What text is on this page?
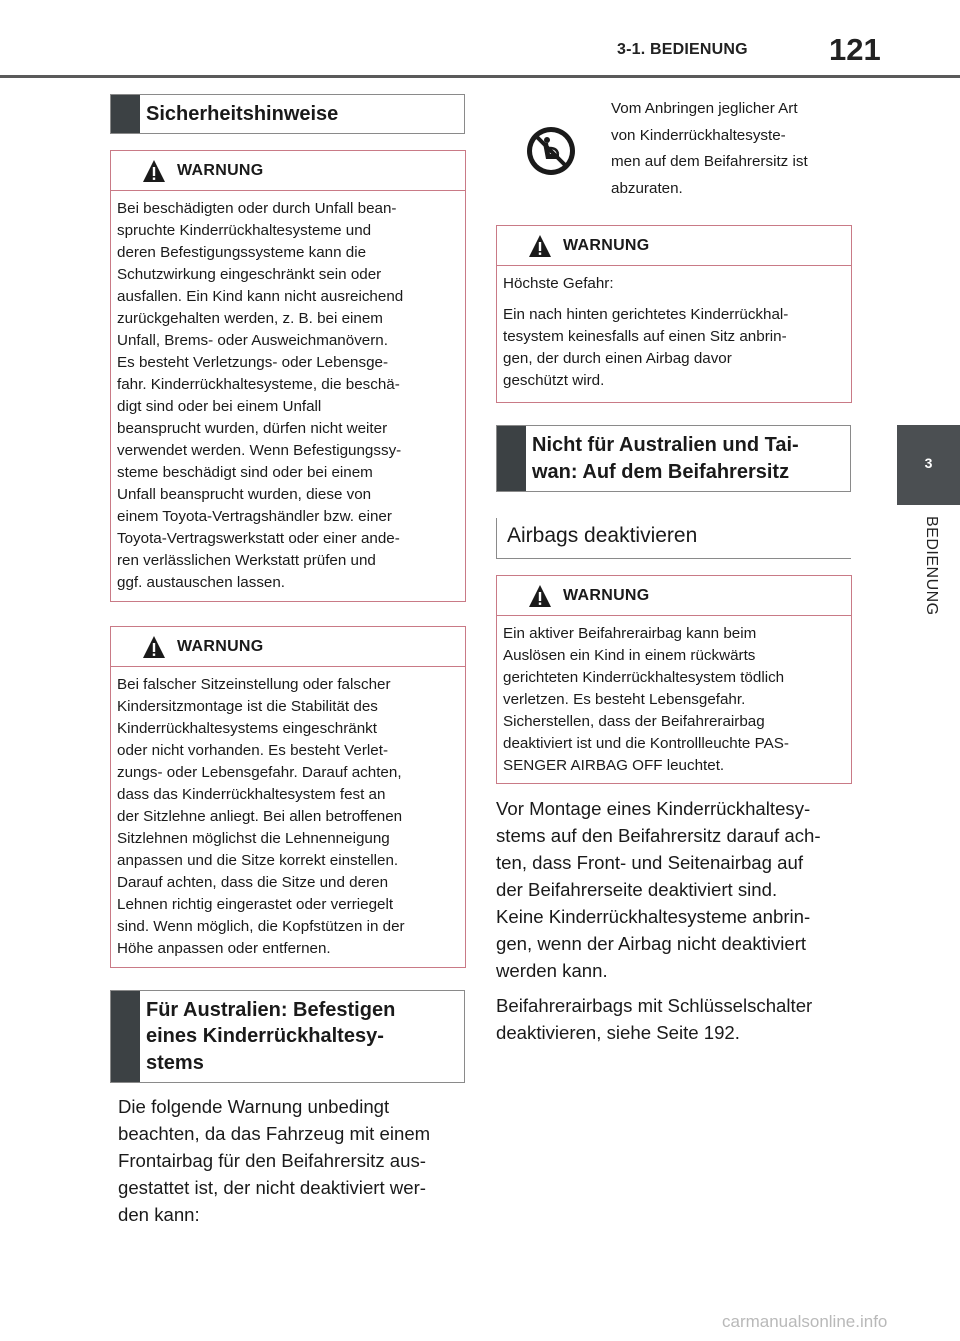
3-1. BEDIENUNG	121
3
BEDIENUNG
Sicherheitshinweise
WARNUNG

Bei beschädigten oder durch Unfall bean-
spruchte Kinderrückhaltesysteme und
deren Befestigungssysteme kann die
Schutzwirkung eingeschränkt sein oder
ausfallen. Ein Kind kann nicht ausreichend
zurückgehalten werden, z. B. bei einem
Unfall, Brems- oder Ausweichmanövern.
Es besteht Verletzungs- oder Lebensge-
fahr. Kinderrückhaltesysteme, die beschä-
digt sind oder bei einem Unfall
beansprucht wurden, dürfen nicht weiter
verwendet werden. Wenn Befestigungssy-
steme beschädigt sind oder bei einem
Unfall beansprucht wurden, diese von
einem Toyota-Vertragshändler bzw. einer
Toyota-Vertragswerkstatt oder einer ande-
ren verlässlichen Werkstatt prüfen und
ggf. austauschen lassen.

WARNUNG

Bei falscher Sitzeinstellung oder falscher
Kindersitzmontage ist die Stabilität des
Kinderrückhaltesystems eingeschränkt
oder nicht vorhanden. Es besteht Verlet-
zungs- oder Lebensgefahr. Darauf achten,
dass das Kinderrückhaltesystem fest an
der Sitzlehne anliegt. Bei allen betroffenen
Sitzlehnen möglichst die Lehnenneigung
anpassen und die Sitze korrekt einstellen.
Darauf achten, dass die Sitze und deren
Lehnen richtig eingerastet oder verriegelt
sind. Wenn möglich, die Kopfstützen in der
Höhe anpassen oder entfernen.

Für Australien: Befestigen
eines Kinderrückhaltesy-
stems

Die folgende Warnung unbedingt
beachten, da das Fahrzeug mit einem
Frontairbag für den Beifahrersitz aus-
gestattet ist, der nicht deaktiviert wer-
den kann:

Vom Anbringen jeglicher Art
von Kinderrückhaltesyste-
men auf dem Beifahrersitz ist
abzuraten.
WARNUNG

Höchste Gefahr:

Ein nach hinten gerichtetes Kinderrückhal-
tesystem keinesfalls auf einen Sitz anbrin-
gen, der durch einen Airbag davor
geschützt wird.

Nicht für Australien und Tai-
wan: Auf dem Beifahrersitz
Airbags deaktivieren
WARNUNG

Ein aktiver Beifahrerairbag kann beim
Auslösen ein Kind in einem rückwärts
gerichteten Kinderrückhaltesystem tödlich
verletzen. Es besteht Lebensgefahr.
Sicherstellen, dass der Beifahrerairbag
deaktiviert ist und die Kontrollleuchte PAS-
SENGER AIRBAG OFF leuchtet.

Vor Montage eines Kinderrückhaltesy-
stems auf den Beifahrersitz darauf ach-
ten, dass Front- und Seitenairbag auf
der Beifahrerseite deaktiviert sind.
Keine Kinderrückhaltesysteme anbrin-
gen, wenn der Airbag nicht deaktiviert
werden kann.

Beifahrerairbags mit Schlüsselschalter
deaktivieren, siehe Seite 192.

carmanualsonline.info
